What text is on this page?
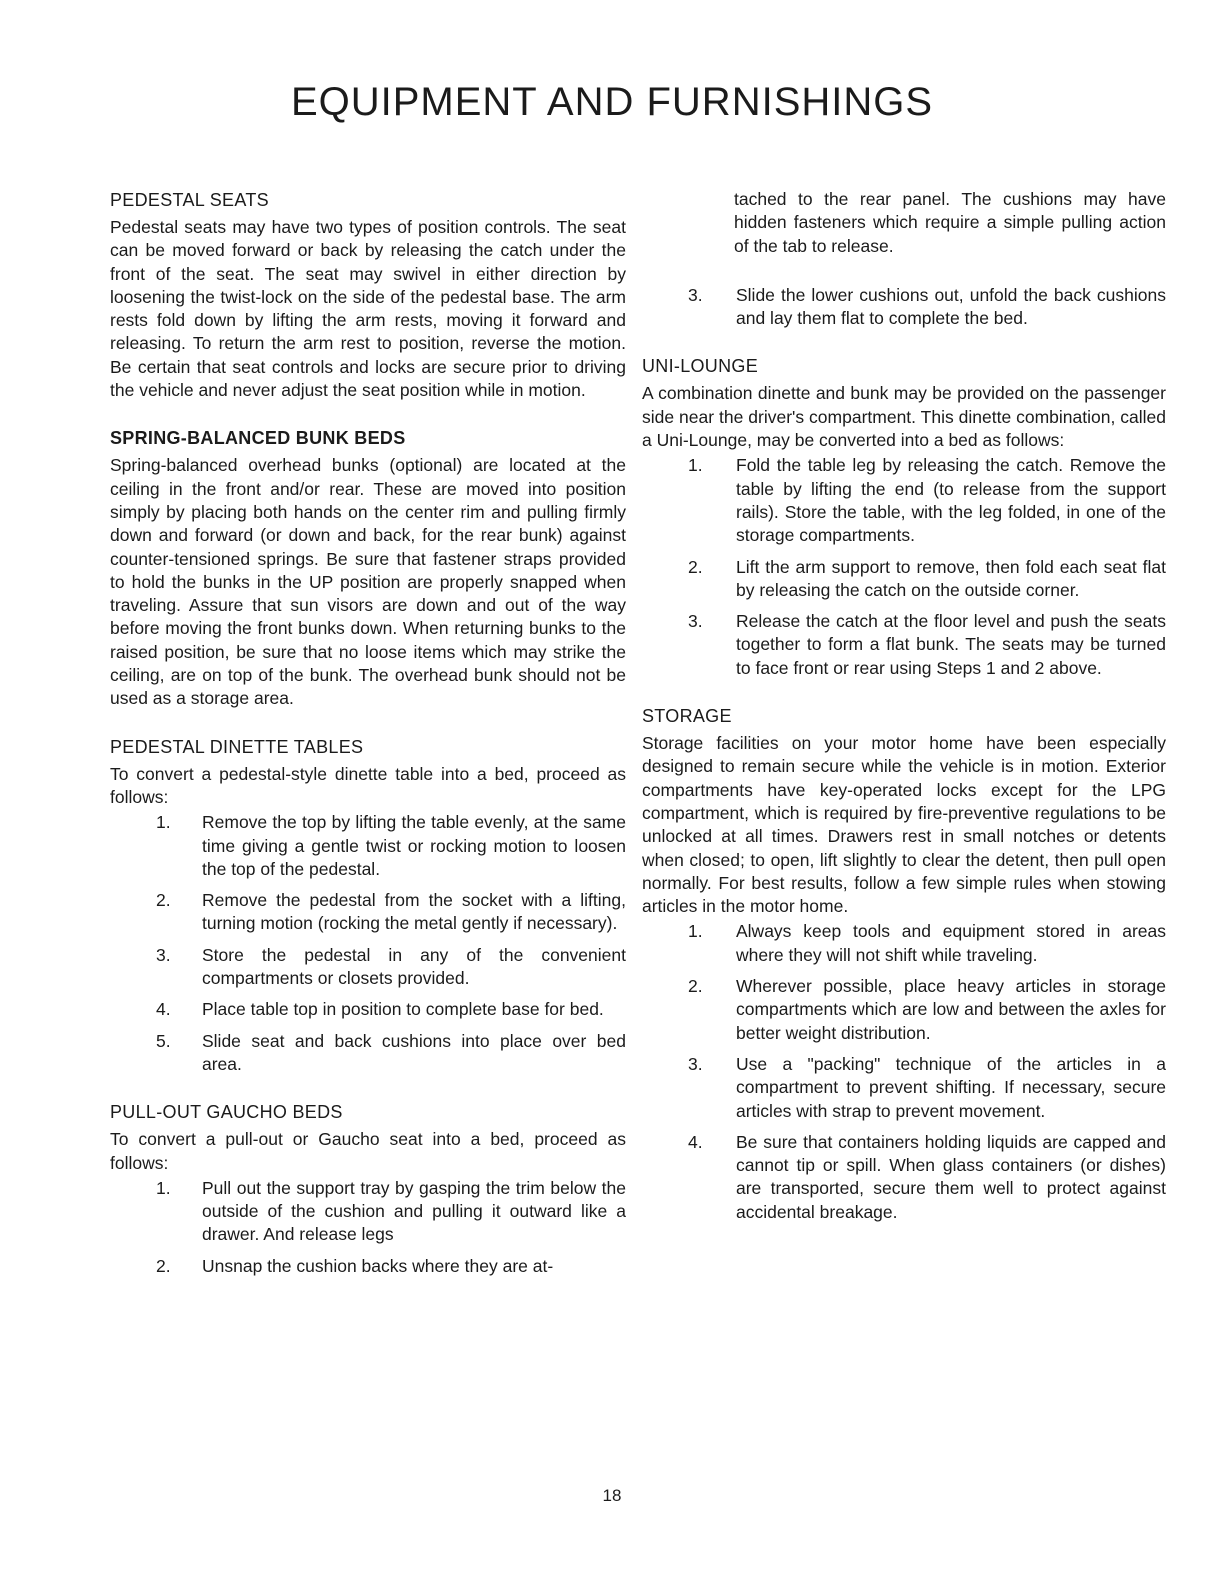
EQUIPMENT AND FURNISHINGS
PEDESTAL SEATS

Pedestal seats may have two types of position controls. The seat can be moved forward or back by releasing the catch under the front of the seat. The seat may swivel in either direction by loosening the twist-lock on the side of the pedestal base. The arm rests fold down by lifting the arm rests, moving it forward and releasing. To return the arm rest to position, reverse the motion. Be certain that seat controls and locks are secure prior to driving the vehicle and never adjust the seat position while in motion.

SPRING-BALANCED BUNK BEDS

Spring-balanced overhead bunks (optional) are located at the ceiling in the front and/or rear. These are moved into position simply by placing both hands on the center rim and pulling firmly down and forward (or down and back, for the rear bunk) against counter-tensioned springs. Be sure that fastener straps provided to hold the bunks in the UP position are properly snapped when traveling. Assure that sun visors are down and out of the way before moving the front bunks down. When returning bunks to the raised position, be sure that no loose items which may strike the ceiling, are on top of the bunk. The overhead bunk should not be used as a storage area.

PEDESTAL DINETTE TABLES

To convert a pedestal-style dinette table into a bed, proceed as follows:

1. Remove the top by lifting the table evenly, at the same time giving a gentle twist or rocking motion to loosen the top of the pedestal.
2. Remove the pedestal from the socket with a lifting, turning motion (rocking the metal gently if necessary).
3. Store the pedestal in any of the convenient compartments or closets provided.
4. Place table top in position to complete base for bed.
5. Slide seat and back cushions into place over bed area.
PULL-OUT GAUCHO BEDS

To convert a pull-out or Gaucho seat into a bed, proceed as follows:

1. Pull out the support tray by gasping the trim below the outside of the cushion and pulling it outward like a drawer. And release legs
2. Unsnap the cushion backs where they are at-

tached to the rear panel. The cushions may have hidden fasteners which require a simple pulling action of the tab to release.

3. Slide the lower cushions out, unfold the back cushions and lay them flat to complete the bed.
UNI-LOUNGE

A combination dinette and bunk may be provided on the passenger side near the driver's compartment. This dinette combination, called a Uni-Lounge, may be converted into a bed as follows:

1. Fold the table leg by releasing the catch. Remove the table by lifting the end (to release from the support rails). Store the table, with the leg folded, in one of the storage compartments.
2. Lift the arm support to remove, then fold each seat flat by releasing the catch on the outside corner.
3. Release the catch at the floor level and push the seats together to form a flat bunk. The seats may be turned to face front or rear using Steps 1 and 2 above.
STORAGE

Storage facilities on your motor home have been especially designed to remain secure while the vehicle is in motion. Exterior compartments have key-operated locks except for the LPG compartment, which is required by fire-preventive regulations to be unlocked at all times. Drawers rest in small notches or detents when closed; to open, lift slightly to clear the detent, then pull open normally. For best results, follow a few simple rules when stowing articles in the motor home.

1. Always keep tools and equipment stored in areas where they will not shift while traveling.
2. Wherever possible, place heavy articles in storage compartments which are low and between the axles for better weight distribution.
3. Use a "packing" technique of the articles in a compartment to prevent shifting. If necessary, secure articles with strap to prevent movement.
4. Be sure that containers holding liquids are capped and cannot tip or spill. When glass containers (or dishes) are transported, secure them well to protect against accidental breakage.
18
